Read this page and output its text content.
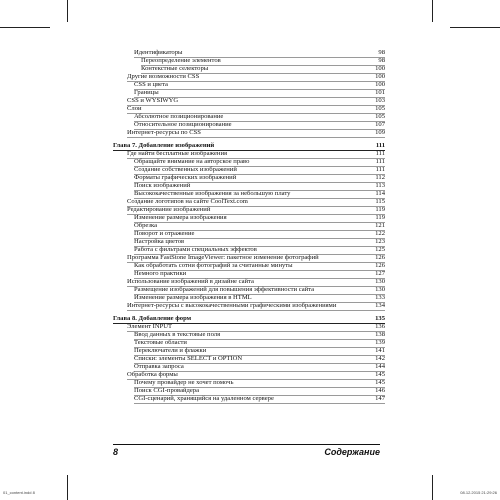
Идентификаторы	98
Переопределение элементов	98
Контекстные селекторы	100
Другие возможности CSS	100
CSS и цвета	100
Границы	101
CSS и WYSIWYG	103
Слои	105
Абсолютное позиционирование	105
Относительное позиционирование	107
Интернет-ресурсы по CSS	109
Глава 7. Добавление изображений	111
Где найти бесплатные изображения	111
Обращайте внимание на авторское право	111
Создание собственных изображений	111
Форматы графических изображений	112
Поиск изображений	113
Высококачественные изображения за небольшую плату	114
Создание логотипов на сайте CoolText.com	115
Редактирование изображений	119
Изменение размера изображения	119
Обрезка	121
Поворот и отражение	122
Настройка цветов	123
Работа с фильтрами специальных эффектов	125
Программа FastStone ImageViewer: пакетное изменение фотографий	126
Как обработать сотни фотографий за считанные минуты	126
Немного практики	127
Использование изображений в дизайне сайта	130
Размещение изображений для повышения эффективности сайта	130
Изменение размера изображения в HTML	133
Интернет-ресурсы с высококачественными графическими изображениями	134
Глава 8. Добавление форм	135
Элемент INPUT	136
Ввод данных в текстовые поля	138
Текстовые области	139
Переключатели и флажки	141
Списки: элементы SELECT и OPTION	142
Отправка запроса	144
Обработка формы	145
Почему провайдер не хочет помочь	145
Поиск CGI-провайдера	146
CGI-сценарий, хранящийся на удаленном сервере	147
8	Содержание
01_content.indd 8	08.12.2015 21:29:26
